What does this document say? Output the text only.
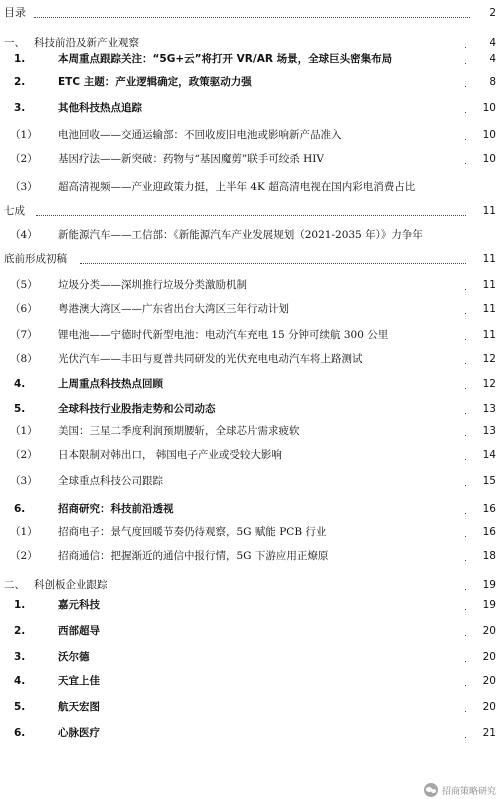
目录	2
一、 科技前沿及新产业观察	4
1.	本周重点跟踪关注：“5G+云”将打开 VR/AR 场景，全球巨头密集布局	4
2.	ETC 主题：产业逻辑确定，政策驱动力强	8
3.	其他科技热点追踪	10
（1） 电池回收——交通运输部：不回收废旧电池或影响新产品准入	10
（2） 基因疗法——新突破：药物与“基因魔剪”联手可绞杀 HIV	10
（3） 超高清视频——产业迎政策力挺，上半年 4K 超高清电视在国内彩电消费占比
七成	11
（4） 新能源汽车——工信部：《新能源汽车产业发展规划（2021-2035 年）》力争年
底前形成初稿	11
（5） 垃圾分类——深圳推行垃圾分类激励机制	11
（6） 粤港澳大湾区——广东省出台大湾区三年行动计划	11
（7） 锂电池——宁德时代新型电池：电动汽车充电 15 分钟可续航 300 公里	11
（8） 光伏汽车——丰田与夏普共同研发的光伏充电电动汽车将上路测试	12
4.	上周重点科技热点回顾	12
5.	全球科技行业股指走势和公司动态	13
（1） 美国：三星二季度利润预期腰斩，全球芯片需求疲软	13
（2） 日本限制对韩出口， 韩国电子产业或受较大影响	14
（3） 全球重点科技公司跟踪	15
6.	招商研究：科技前沿透视	16
（1） 招商电子：景气度回暖节奏仍待观察，5G 赋能 PCB 行业	16
（2） 招商通信：把握渐近的通信中报行情，5G 下游应用正燎原	18
二、 科创板企业跟踪	19
1.	嘉元科技	19
2.	西部超导	20
3.	沃尔德	20
4.	天宜上佳	20
5.	航天宏图	20
6.	心脉医疗	21
招商策略研究
